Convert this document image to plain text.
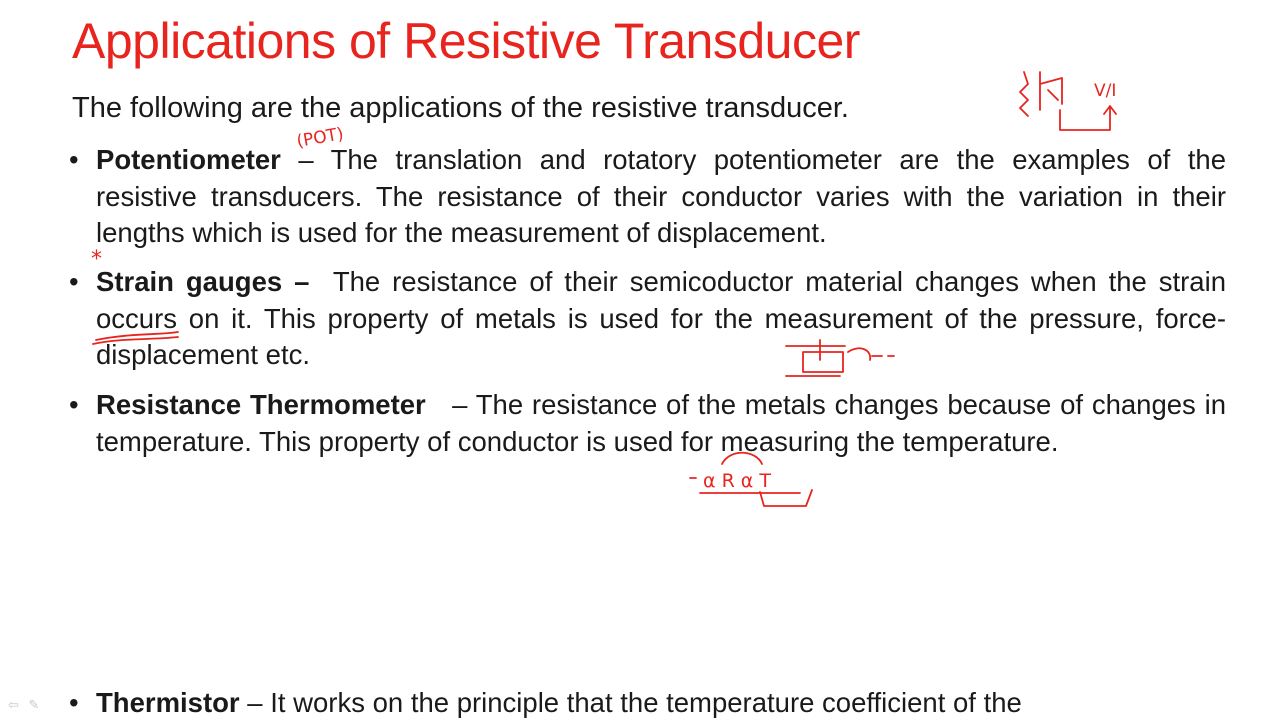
Applications of Resistive Transducer
The following are the applications of the resistive transducer.
• Potentiometer – The translation and rotatory potentiometer are the examples of the resistive transducers. The resistance of their conductor varies with the variation in their lengths which is used for the measurement of displacement.
• Strain gauges – The resistance of their semicoductor material changes when the strain occurs on it. This property of metals is used for the measurement of the pressure, force-displacement etc.
• Resistance Thermometer   – The resistance of the metals changes because of changes in temperature. This property of conductor is used for measuring the temperature.
• Thermistor – It works on the principle that the temperature coefficient of the
(POT)
*
V/I
α R α T
⇦ ✎
